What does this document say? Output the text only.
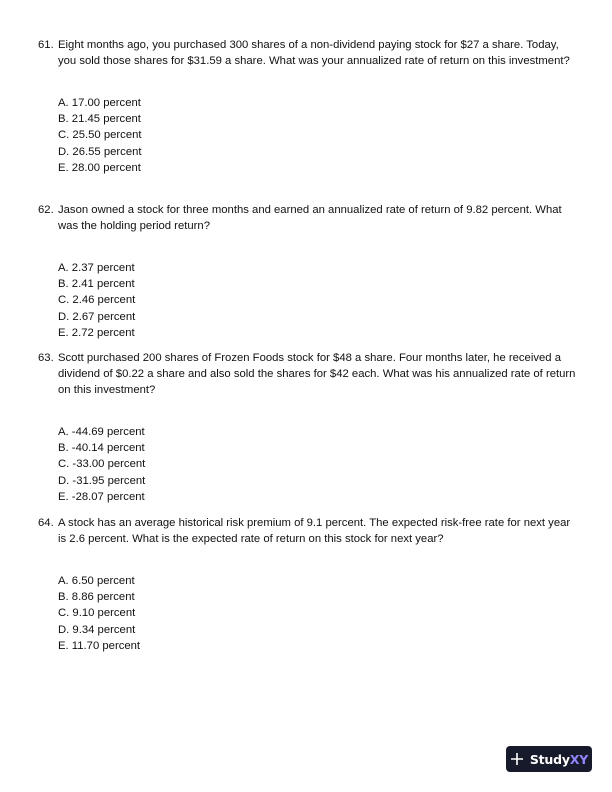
61. Eight months ago, you purchased 300 shares of a non-dividend paying stock for $27 a share. Today, you sold those shares for $31.59 a share. What was your annualized rate of return on this investment?
A. 17.00 percent
B. 21.45 percent
C. 25.50 percent
D. 26.55 percent
E. 28.00 percent
62. Jason owned a stock for three months and earned an annualized rate of return of 9.82 percent. What was the holding period return?
A. 2.37 percent
B. 2.41 percent
C. 2.46 percent
D. 2.67 percent
E. 2.72 percent
63. Scott purchased 200 shares of Frozen Foods stock for $48 a share. Four months later, he received a dividend of $0.22 a share and also sold the shares for $42 each. What was his annualized rate of return on this investment?
A. -44.69 percent
B. -40.14 percent
C. -33.00 percent
D. -31.95 percent
E. -28.07 percent
64. A stock has an average historical risk premium of 9.1 percent. The expected risk-free rate for next year is 2.6 percent. What is the expected rate of return on this stock for next year?
A. 6.50 percent
B. 8.86 percent
C. 9.10 percent
D. 9.34 percent
E. 11.70 percent
StudyXY
